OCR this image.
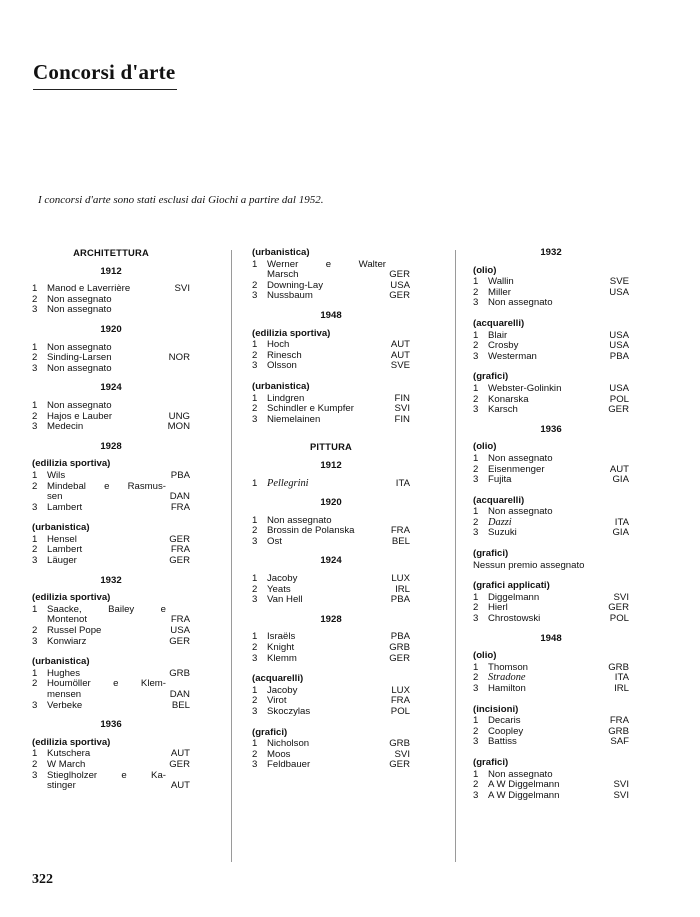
Concorsi d'arte
I concorsi d'arte sono stati esclusi dai Giochi a partire dal 1952.
ARCHITETTURA
1912
1	Manod e Laverrière	SVI
2	Non assegnato
3	Non assegnato
1920
1	Non assegnato
2	Sinding-Larsen	NOR
3	Non assegnato
1924
1	Non assegnato
2	Hajos e Lauber	UNG
3	Medecin	MON
1928
(edilizia sportiva)
1	Wils	PBA
2	Mindebal e Rasmus-
sen	DAN
3	Lambert	FRA
(urbanistica)
1	Hensel	GER
2	Lambert	FRA
3	Läuger	GER
1932
(edilizia sportiva)
1	Saacke, Bailey e
Montenot	FRA
2	Russel Pope	USA
3	Konwiarz	GER
(urbanistica)
1	Hughes	GRB
2	Houmöller e Klem-
mensen	DAN
3	Verbeke	BEL
1936
(edilizia sportiva)
1	Kutschera	AUT
2	W March	GER
3	Stieglholzer e Ka-
stinger	AUT
(urbanistica)
1	Werner e Walter
Marsch	GER
2	Downing-Lay	USA
3	Nussbaum	GER
1948
(edilizia sportiva)
1	Hoch	AUT
2	Rinesch	AUT
3	Olsson	SVE
(urbanistica)
1	Lindgren	FIN
2	Schindler e Kumpfer	SVI
3	Niemelainen	FIN
PITTURA
1912
1 Pellegrini	ITA
1920
1	Non assegnato
2	Brossin de Polanska	FRA
3	Ost	BEL
1924
1	Jacoby	LUX
2	Yeats	IRL
3	Van Hell	PBA
1928
1	Israëls	PBA
2	Knight	GRB
3	Klemm	GER
(acquarelli)
1	Jacoby	LUX
2	Virot	FRA
3	Skoczylas	POL
(grafici)
1	Nicholson	GRB
2	Moos	SVI
3	Feldbauer	GER
1932
(olio)
1	Wallin	SVE
2	Miller	USA
3	Non assegnato
(acquarelli)
1	Blair	USA
2	Crosby	USA
3	Westerman	PBA
(grafici)
1	Webster-Golinkin	USA
2	Konarska	POL
3	Karsch	GER
1936
(olio)
1	Non assegnato
2	Eisenmenger	AUT
3	Fujita	GIA
(acquarelli)
1	Non assegnato
2 Dazzi	ITA
3	Suzuki	GIA
(grafici)
Nessun premio assegnato
(grafici applicati)
1	Diggelmann	SVI
2	Hierl	GER
3	Chrostowski	POL
1948
(olio)
1	Thomson	GRB
2 Stradone	ITA
3	Hamilton	IRL
(incisioni)
1	Decaris	FRA
2	Coopley	GRB
3	Battiss	SAF
(grafici)
1	Non assegnato
2	A W Diggelmann	SVI
3	A W Diggelmann	SVI
322
